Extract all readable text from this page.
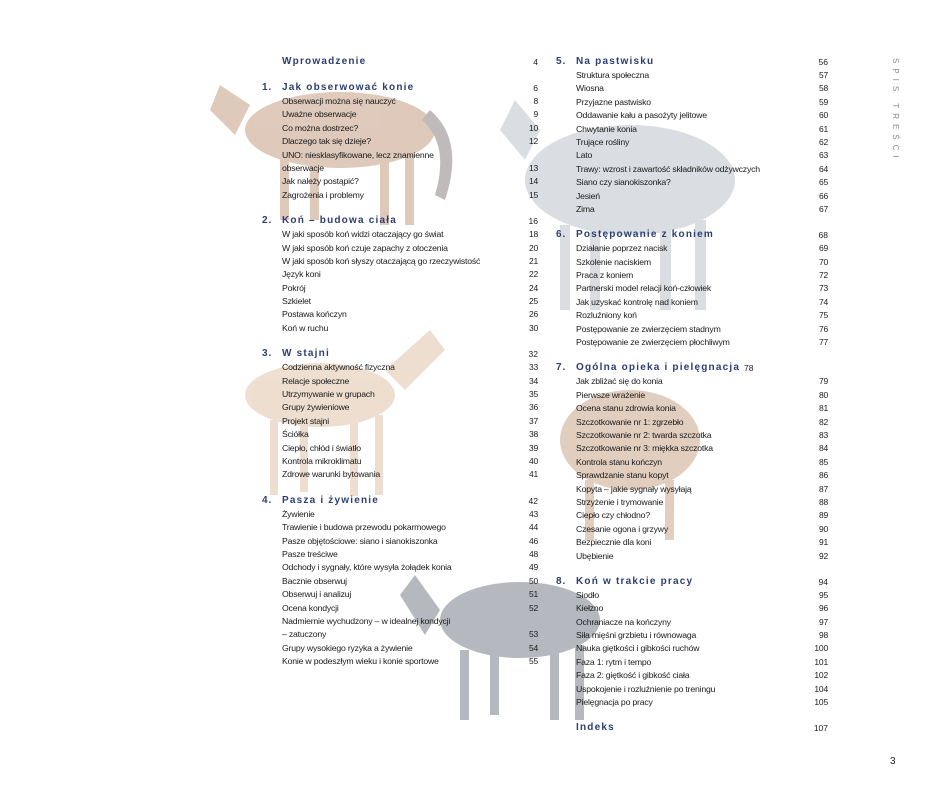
Wprowadzenie	4
1. Jak obserwować konie	6
Obserwacji można się nauczyć	8
Uważne obserwacje	9
Co można dostrzec?	10
Dlaczego tak się dzieje?	12
UNO: niesklasyfikowane, lecz znamienne
obserwacje	13
Jak należy postąpić?	14
Zagrożenia i problemy	15
2. Koń – budowa ciała	16
W jaki sposób koń widzi otaczający go świat	18
W jaki sposób koń czuje zapachy z otoczenia	20
W jaki sposób koń słyszy otaczającą go rzeczywistość	21
Język koni	22
Pokrój	24
Szkielet	25
Postawa kończyn	26
Koń w ruchu	30
3. W stajni	32
Codzienna aktywność fizyczna	33
Relacje społeczne	34
Utrzymywanie w grupach	35
Grupy żywieniowe	36
Projekt stajni	37
Ściółka	38
Ciepło, chłód i światło	39
Kontrola mikroklimatu	40
Zdrowe warunki bytowania	41
4. Pasza i żywienie	42
Żywienie	43
Trawienie i budowa przewodu pokarmowego	44
Pasze objętościowe: siano i sianokiszonka	46
Pasze treściwe	48
Odchody i sygnały, które wysyła żołądek konia	49
Bacznie obserwuj	50
Obserwuj i analizuj	51
Ocena kondycji	52
Nadmiernie wychudzony – w idealnej kondycji
– zatuczony	53
Grupy wysokiego ryzyka a żywienie	54
Konie w podeszłym wieku i konie sportowe	55
5. Na pastwisku	56
Struktura społeczna	57
Wiosna	58
Przyjazne pastwisko	59
Oddawanie kału a pasożyty jelitowe	60
Chwytanie konia	61
Trujące rośliny	62
Lato	63
Trawy: wzrost i zawartość składników odżywczych	64
Siano czy sianokiszonka?	65
Jesień	66
Zima	67
6. Postępowanie z koniem	68
Działanie poprzez nacisk	69
Szkolenie naciskiem	70
Praca z koniem	72
Partnerski model relacji koń-człowiek	73
Jak uzyskać kontrolę nad koniem	74
Rozluźniony koń	75
Postępowanie ze zwierzęciem stadnym	76
Postępowanie ze zwierzęciem płochliwym	77
7. Ogólna opieka i pielęgnacja 78
Jak zbliżać się do konia	79
Pierwsze wrażenie	80
Ocena stanu zdrowia konia	81
Szczotkowanie nr 1: zgrzebło	82
Szczotkowanie nr 2: twarda szczotka	83
Szczotkowanie nr 3: miękka szczotka	84
Kontrola stanu kończyn	85
Sprawdzanie stanu kopyt	86
Kopyta – jakie sygnały wysyłają	87
Strzyżenie i trymowanie	88
Ciepło czy chłodno?	89
Czesanie ogona i grzywy	90
Bezpiecznie dla koni	91
Ubębienie	92
8. Koń w trakcie pracy	94
Siodło	95
Kiełzno	96
Ochraniacze na kończyny	97
Siła mięśni grzbietu i równowaga	98
Nauka giętkości i gibkości ruchów	100
Faza 1: rytm i tempo	101
Faza 2: giętkość i gibkość ciała	102
Uspokojenie i rozluźnienie po treningu	104
Pielęgnacja po pracy	105
Indeks	107
SPIS TREŚCI
3
